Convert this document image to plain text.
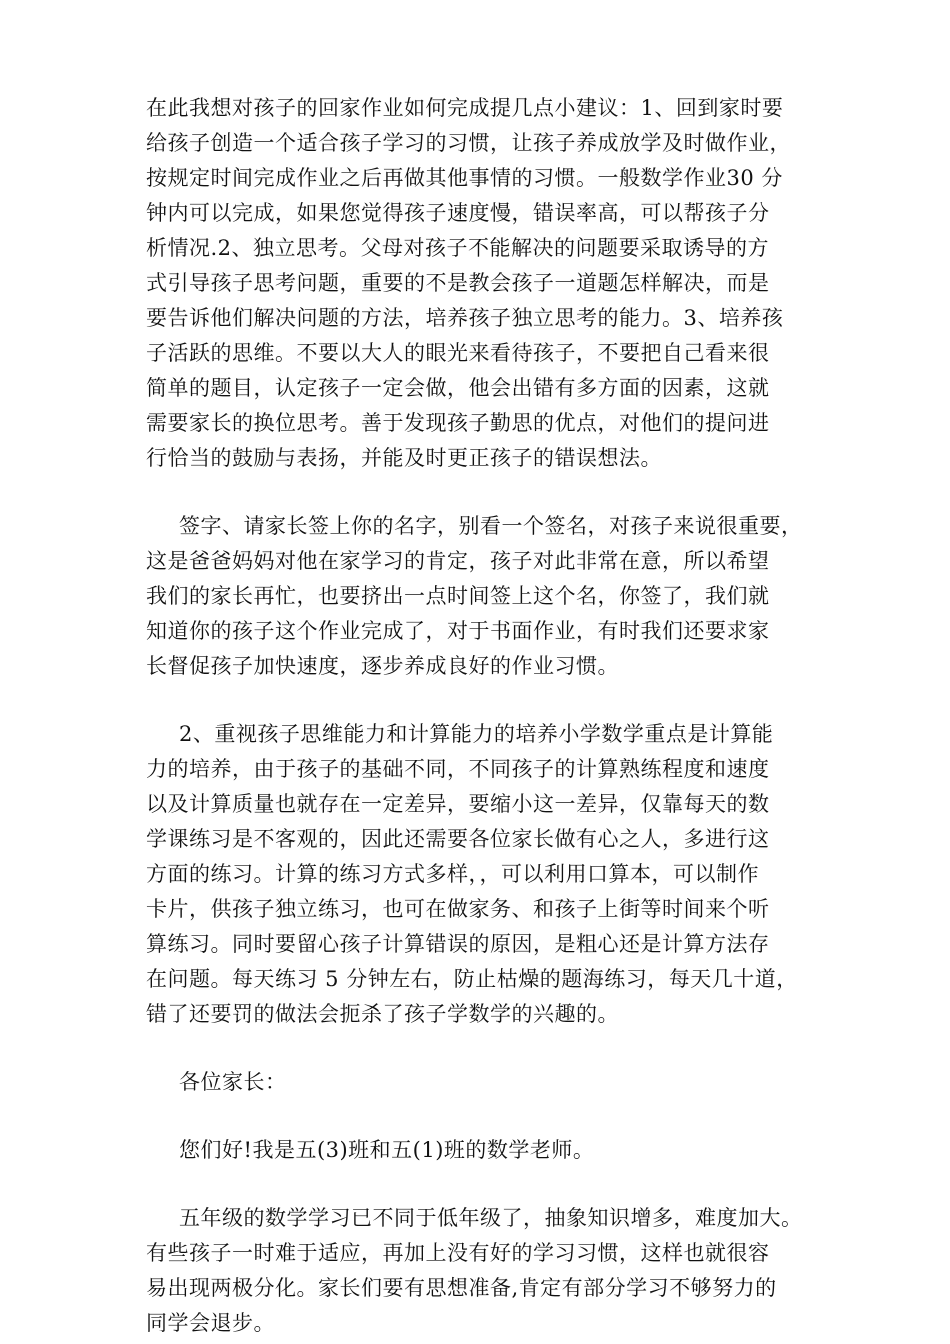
在此我想对孩子的回家作业如何完成提几点小建议：1、回到家时要
给孩子创造一个适合孩子学习的习惯，让孩子养成放学及时做作业，
按规定时间完成作业之后再做其他事情的习惯。一般数学作业30 分
钟内可以完成，如果您觉得孩子速度慢，错误率高，可以帮孩子分
析情况.2、独立思考。父母对孩子不能解决的问题要采取诱导的方
式引导孩子思考问题，重要的不是教会孩子一道题怎样解决，而是
要告诉他们解决问题的方法，培养孩子独立思考的能力。3、培养孩
子活跃的思维。不要以大人的眼光来看待孩子，不要把自己看来很
简单的题目，认定孩子一定会做，他会出错有多方面的因素，这就
需要家长的换位思考。善于发现孩子勤思的优点，对他们的提问进
行恰当的鼓励与表扬，并能及时更正孩子的错误想法。
签字、请家长签上你的名字，别看一个签名，对孩子来说很重要，
这是爸爸妈妈对他在家学习的肯定，孩子对此非常在意，所以希望
我们的家长再忙，也要挤出一点时间签上这个名，你签了，我们就
知道你的孩子这个作业完成了，对于书面作业，有时我们还要求家
长督促孩子加快速度，逐步养成良好的作业习惯。
2、重视孩子思维能力和计算能力的培养小学数学重点是计算能
力的培养，由于孩子的基础不同，不同孩子的计算熟练程度和速度
以及计算质量也就存在一定差异，要缩小这一差异，仅靠每天的数
学课练习是不客观的，因此还需要各位家长做有心之人，多进行这
方面的练习。计算的练习方式多样，，可以利用口算本，可以制作
卡片，供孩子独立练习，也可在做家务、和孩子上街等时间来个听
算练习。同时要留心孩子计算错误的原因，是粗心还是计算方法存
在问题。每天练习 5 分钟左右，防止枯燥的题海练习，每天几十道，
错了还要罚的做法会扼杀了孩子学数学的兴趣的。
各位家长：
您们好!我是五(3)班和五(1)班的数学老师。
五年级的数学学习已不同于低年级了，抽象知识增多，难度加大。
有些孩子一时难于适应，再加上没有好的学习习惯，这样也就很容
易出现两极分化。家长们要有思想准备,肯定有部分学习不够努力的
同学会退步。
